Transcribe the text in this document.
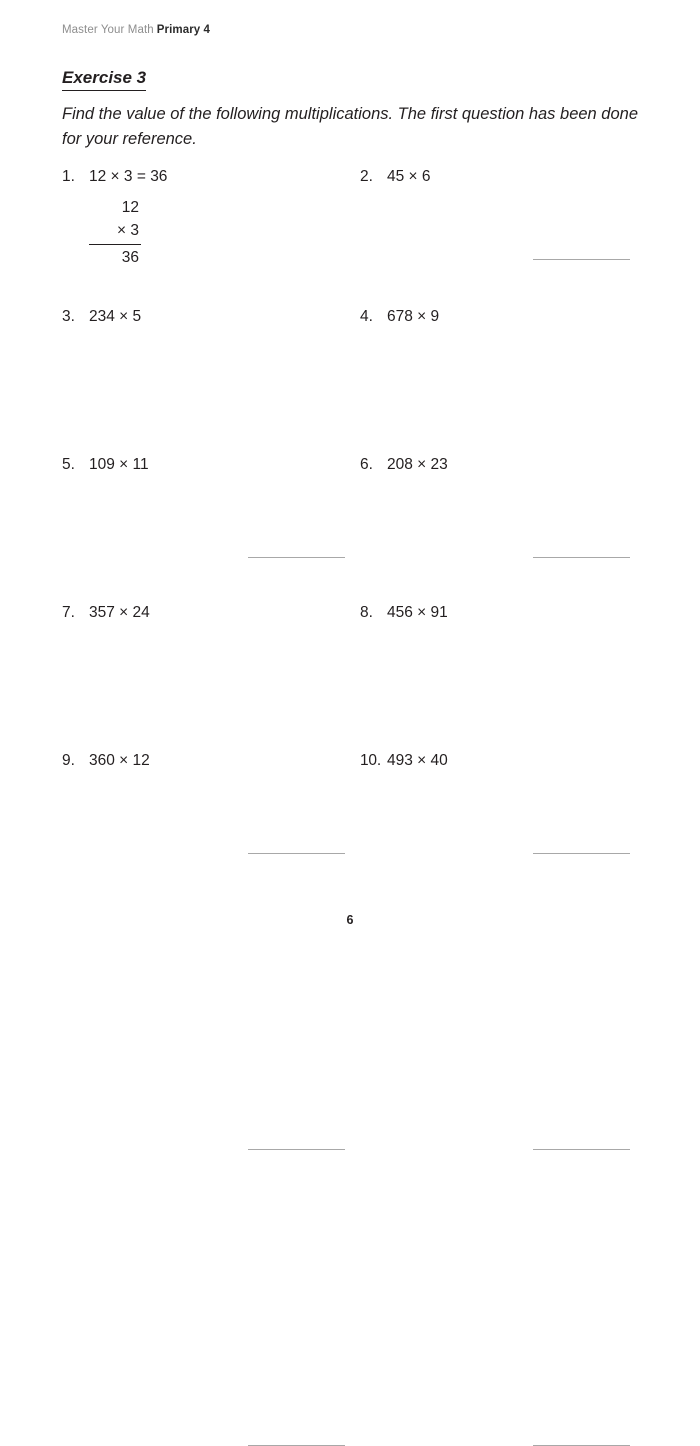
Master Your Math Primary 4
Exercise 3
Find the value of the following multiplications. The first question has been done for your reference.
1. 12 × 3 = 36
12
× 3
36
2. 45 × 6
3. 234 × 5	4. 678 × 9
5. 109 × 11	6. 208 × 23
7. 357 × 24	8. 456 × 91
9. 360 × 12	10. 493 × 40
6
